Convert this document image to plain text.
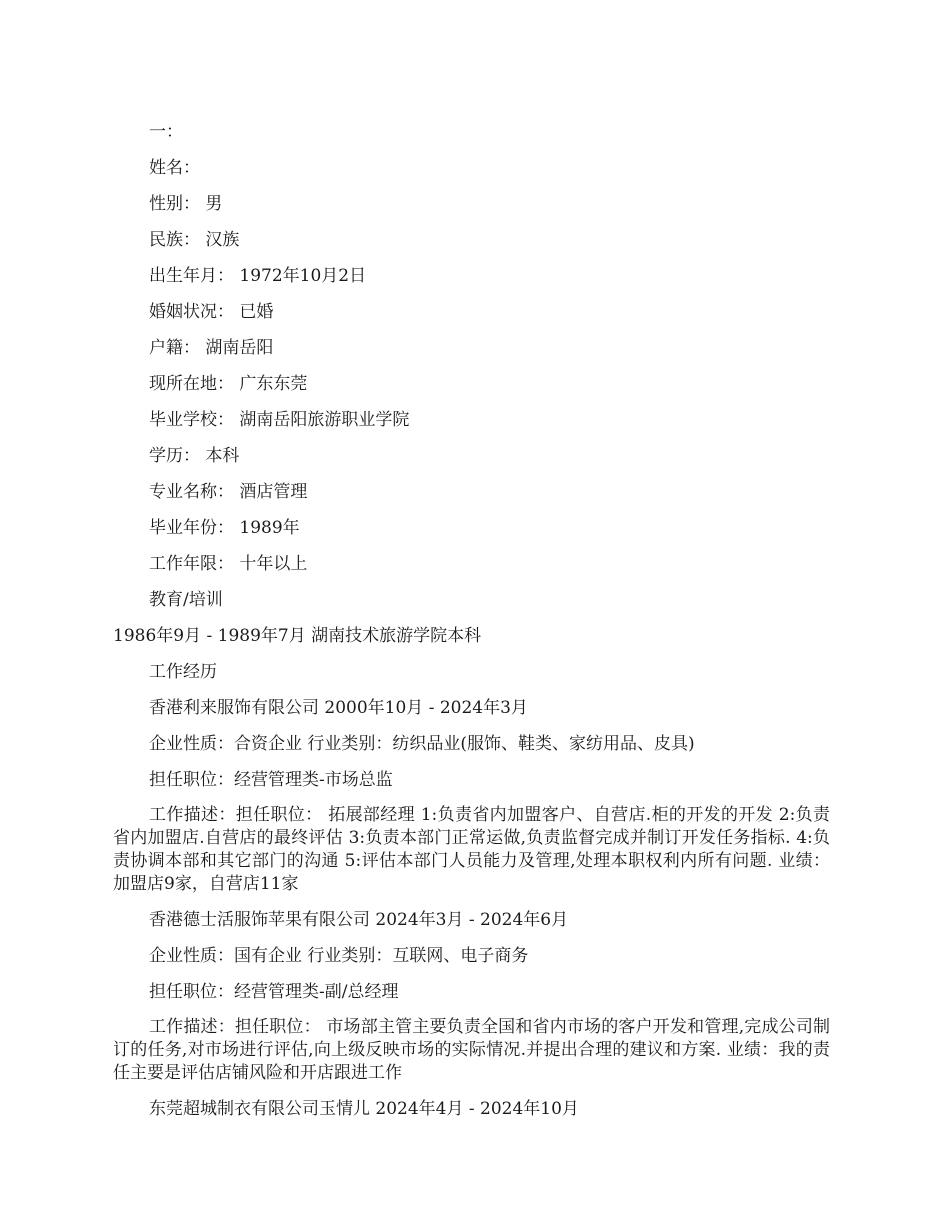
一：

姓名：

性别： 男

民族： 汉族

出生年月： 1972年10月2日

婚姻状况： 已婚

户籍： 湖南岳阳

现所在地： 广东东莞

毕业学校： 湖南岳阳旅游职业学院

学历： 本科

专业名称： 酒店管理

毕业年份： 1989年

工作年限： 十年以上

教育/培训

1986年9月 - 1989年7月 湖南技术旅游学院本科

工作经历

香港利来服饰有限公司 2000年10月 - 2024年3月

企业性质：合资企业 行业类别：纺织品业(服饰、鞋类、家纺用品、皮具)

担任职位：经营管理类-市场总监

工作描述：担任职位： 拓展部经理 1:负责省内加盟客户、自营店.柜的开发的开发 2:负责省内加盟店.自营店的最终评估 3:负责本部门正常运做,负责监督完成并制订开发任务指标. 4:负责协调本部和其它部门的沟通 5:评估本部门人员能力及管理,处理本职权利内所有问题. 业绩：加盟店9家，自营店11家

香港德士活服饰苹果有限公司 2024年3月 - 2024年6月

企业性质：国有企业 行业类别：互联网、电子商务

担任职位：经营管理类-副/总经理

工作描述：担任职位： 市场部主管主要负责全国和省内市场的客户开发和管理,完成公司制订的任务,对市场进行评估,向上级反映市场的实际情况.并提出合理的建议和方案. 业绩：我的责任主要是评估店铺风险和开店跟进工作

东莞超城制衣有限公司玉情儿 2024年4月 - 2024年10月
